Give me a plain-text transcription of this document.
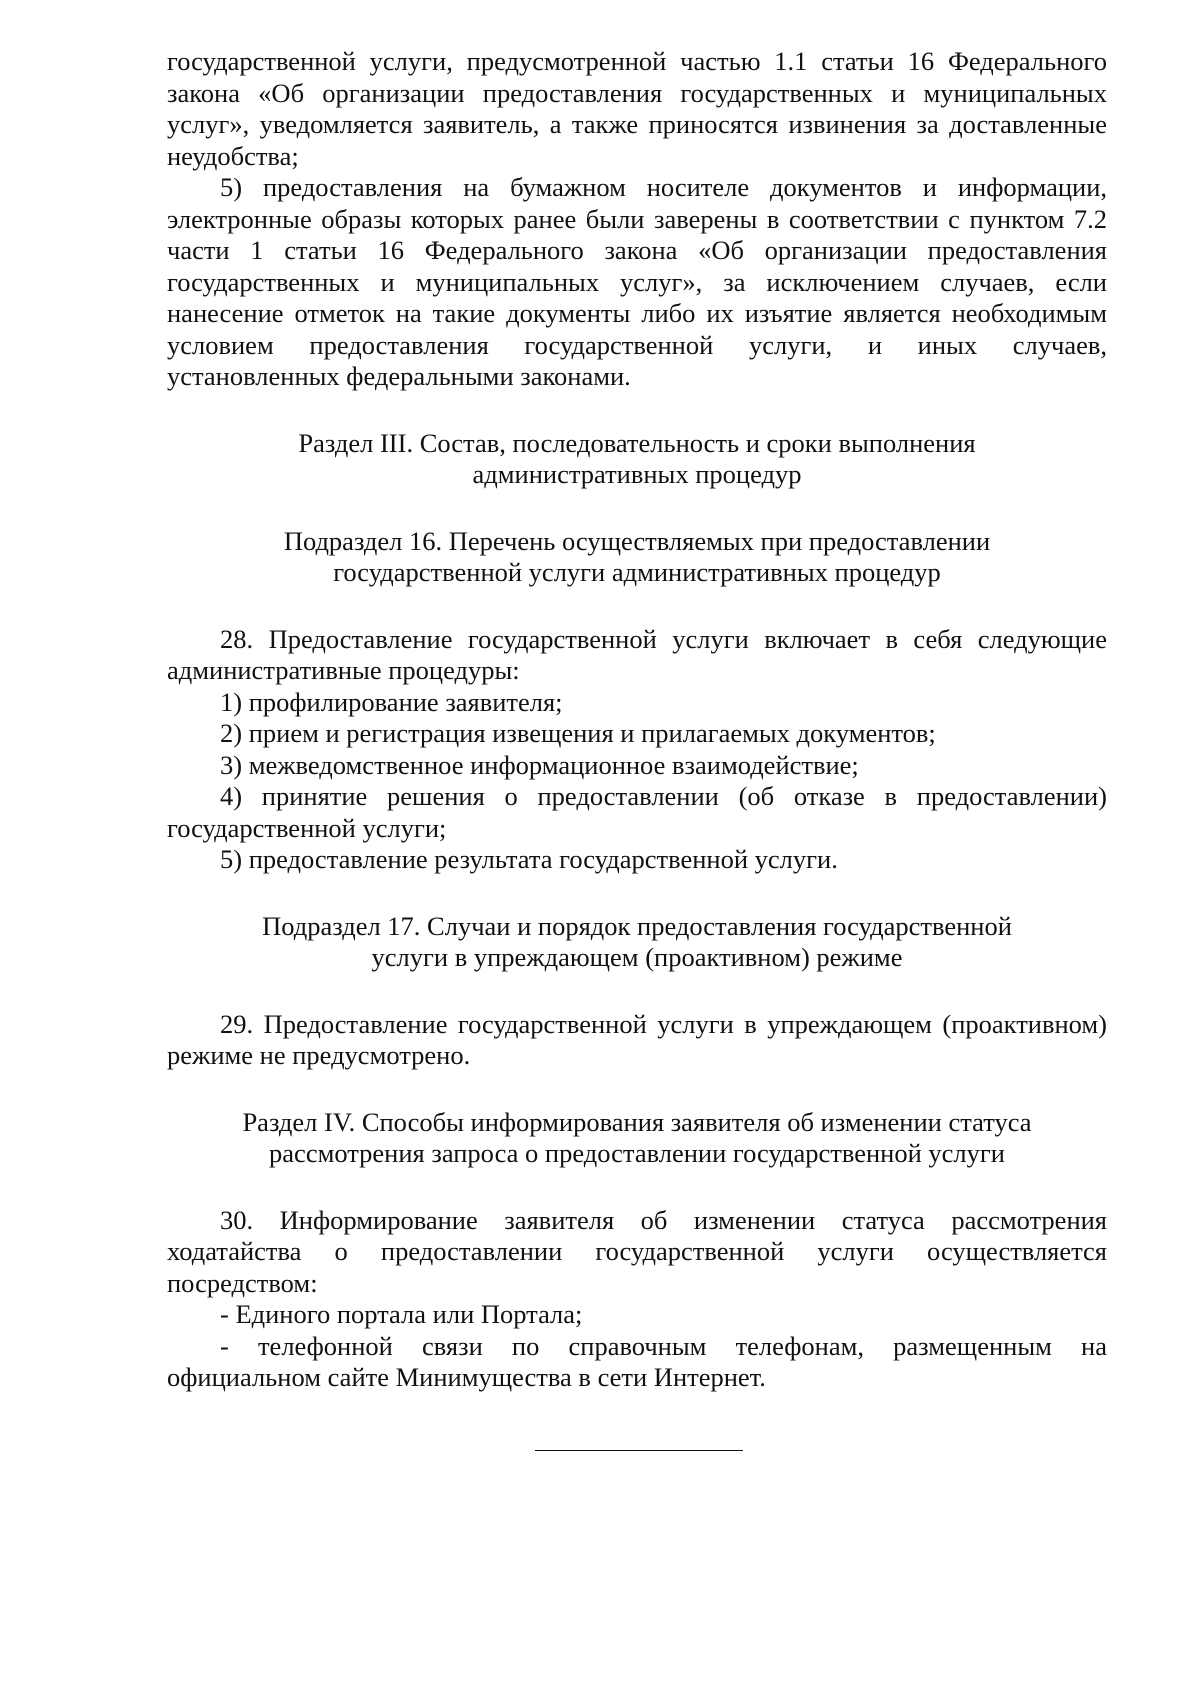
государственной услуги, предусмотренной частью 1.1 статьи 16 Федерального закона «Об организации предоставления государственных и муниципальных услуг», уведомляется заявитель, а также приносятся извинения за доставленные неудобства;

5) предоставления на бумажном носителе документов и информации, электронные образы которых ранее были заверены в соответствии с пунктом 7.2 части 1 статьи 16 Федерального закона «Об организации предоставления государственных и муниципальных услуг», за исключением случаев, если нанесение отметок на такие документы либо их изъятие является необходимым условием предоставления государственной услуги, и иных случаев, установленных федеральными законами.

Раздел III. Состав, последовательность и сроки выполнения
административных процедур
Подраздел 16. Перечень осуществляемых при предоставлении
государственной услуги административных процедур

28. Предоставление государственной услуги включает в себя следующие административные процедуры:

1) профилирование заявителя;

2) прием и регистрация извещения и прилагаемых документов;

3) межведомственное информационное взаимодействие;

4) принятие решения о предоставлении (об отказе в предоставлении) государственной услуги;

5) предоставление результата государственной услуги.

Подраздел 17. Случаи и порядок предоставления государственной
услуги в упреждающем (проактивном) режиме

29. Предоставление государственной услуги в упреждающем (проактивном) режиме не предусмотрено.

Раздел IV. Способы информирования заявителя об изменении статуса
рассмотрения запроса о предоставлении государственной услуги

30. Информирование заявителя об изменении статуса рассмотрения ходатайства о предоставлении государственной услуги осуществляется посредством:

- Единого портала или Портала;

- телефонной связи по справочным телефонам, размещенным на официальном сайте Минимущества в сети Интернет.
